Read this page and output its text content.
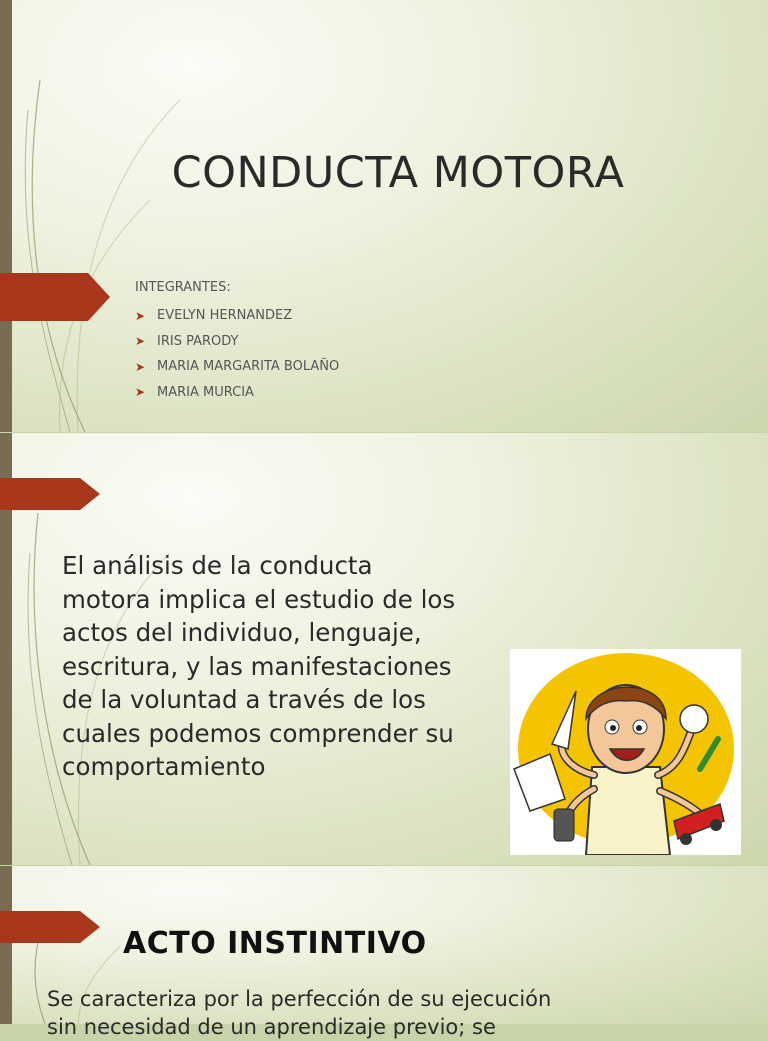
CONDUCTA MOTORA
INTEGRANTES:
➤ EVELYN HERNANDEZ
➤ IRIS PARODY
➤ MARIA MARGARITA BOLAÑO
➤ MARIA MURCIA
El análisis de la conducta
motora implica el estudio de los
actos del individuo, lenguaje,
escritura, y las manifestaciones
de la voluntad a través de los
cuales podemos comprender su
comportamiento
ACTO INSTINTIVO
Se caracteriza por la perfección de su ejecución
sin necesidad de un aprendizaje previo; se
